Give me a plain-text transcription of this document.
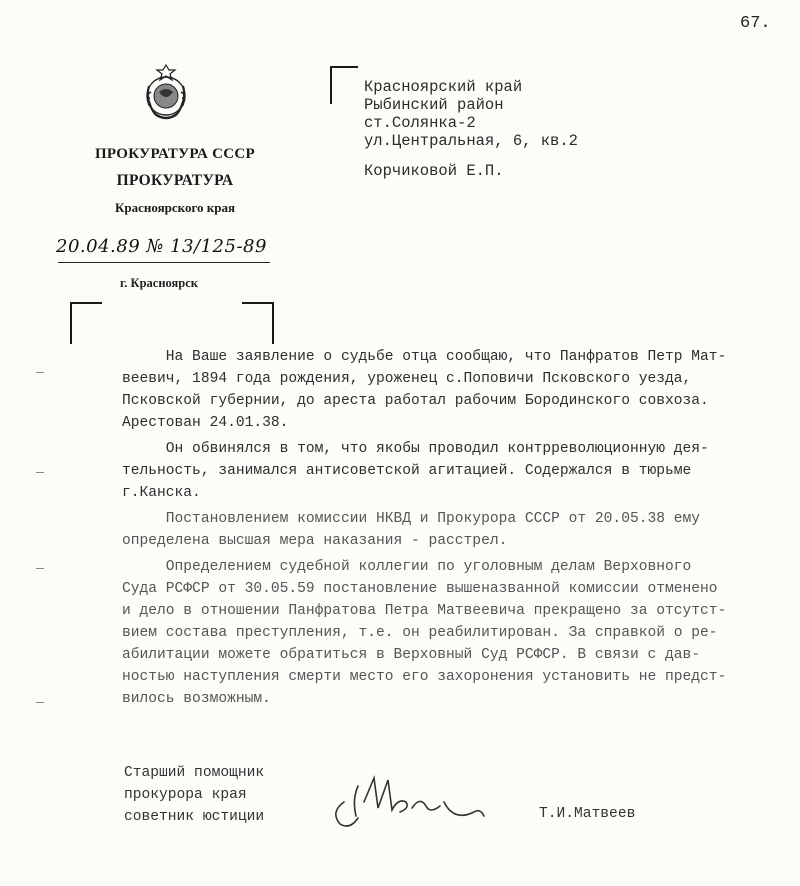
67.
ПРОКУРАТУРА СССР
ПРОКУРАТУРА
Красноярского края
20.04.89 № 13/125-89
г. Красноярск
Красноярский край
Рыбинский район
ст.Солянка-2
ул.Центральная, 6, кв.2
Корчиковой Е.П.
На Ваше заявление о судьбе отца сообщаю, что Панфратов Петр Мат-
веевич, 1894 года рождения, уроженец с.Поповичи Псковского уезда,
Псковской губернии, до ареста работал рабочим Бородинского совхоза.
Арестован 24.01.38.
Он обвинялся в том, что якобы проводил контрреволюционную дея-
тельность, занимался антисоветской агитацией. Содержался в тюрьме
г.Канска.
Постановлением комиссии НКВД и Прокурора СССР от 20.05.38 ему
определена высшая мера наказания - расстрел.
Определением судебной коллегии по уголовным делам Верховного
Суда РСФСР от 30.05.59 постановление вышеназванной комиссии отменено
и дело в отношении Панфратова Петра Матвеевича прекращено за отсутст-
вием состава преступления, т.е. он реабилитирован. За справкой о ре-
абилитации можете обратиться в Верховный Суд РСФСР. В связи с дав-
ностью наступления смерти место его захоронения установить не предст-
вилось возможным.
Старший помощник
прокурора края
советник юстиции	Т.И.Матвеев
